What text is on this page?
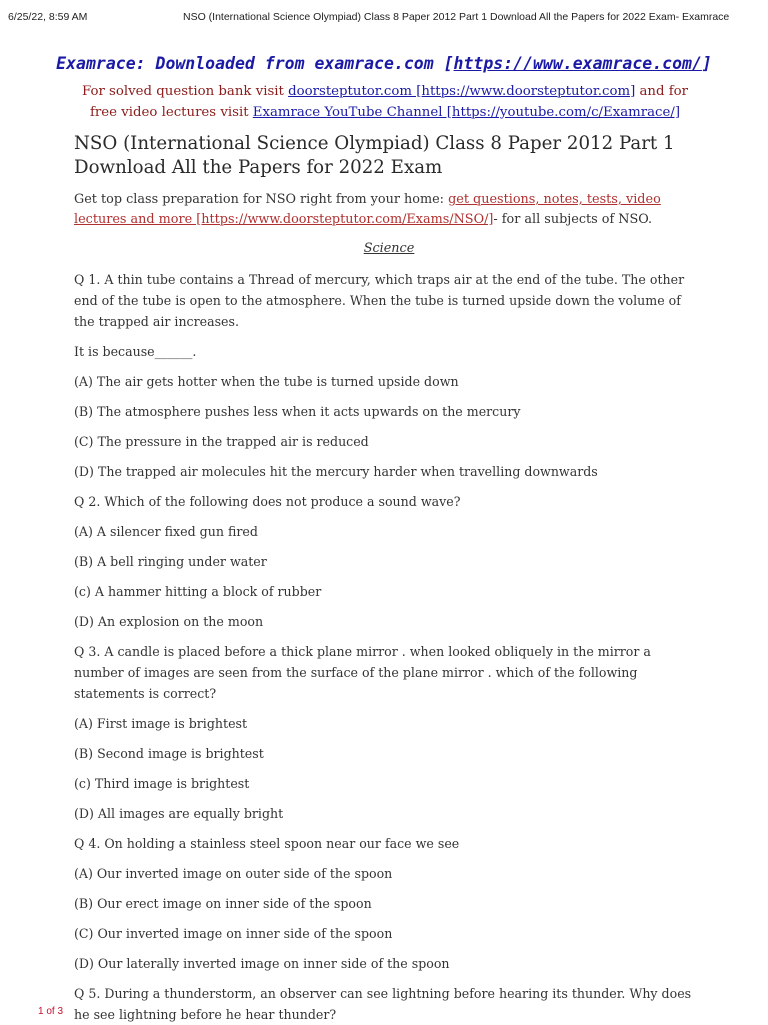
6/25/22, 8:59 AM	NSO (International Science Olympiad) Class 8 Paper 2012 Part 1 Download All the Papers for 2022 Exam- Examrace
Examrace: Downloaded from examrace.com [https://www.examrace.com/]
For solved question bank visit doorsteptutor.com [https://www.doorsteptutor.com] and for free video lectures visit Examrace YouTube Channel [https://youtube.com/c/Examrace/]
NSO (International Science Olympiad) Class 8 Paper 2012 Part 1 Download All the Papers for 2022 Exam
Get top class preparation for NSO right from your home: get questions, notes, tests, video lectures and more [https://www.doorsteptutor.com/Exams/NSO/]- for all subjects of NSO.
Science
Q 1. A thin tube contains a Thread of mercury, which traps air at the end of the tube. The other end of the tube is open to the atmosphere. When the tube is turned upside down the volume of the trapped air increases.
It is because______.
(A) The air gets hotter when the tube is turned upside down
(B) The atmosphere pushes less when it acts upwards on the mercury
(C) The pressure in the trapped air is reduced
(D) The trapped air molecules hit the mercury harder when travelling downwards
Q 2. Which of the following does not produce a sound wave?
(A) A silencer fixed gun fired
(B) A bell ringing under water
(c) A hammer hitting a block of rubber
(D) An explosion on the moon
Q 3. A candle is placed before a thick plane mirror . when looked obliquely in the mirror a number of images are seen from the surface of the plane mirror . which of the following statements is correct?
(A) First image is brightest
(B) Second image is brightest
(c) Third image is brightest
(D) All images are equally bright
Q 4. On holding a stainless steel spoon near our face we see
(A) Our inverted image on outer side of the spoon
(B) Our erect image on inner side of the spoon
(C) Our inverted image on inner side of the spoon
(D) Our laterally inverted image on inner side of the spoon
Q 5. During a thunderstorm, an observer can see lightning before hearing its thunder. Why does he see lightning before he hear thunder?
1 of 3
